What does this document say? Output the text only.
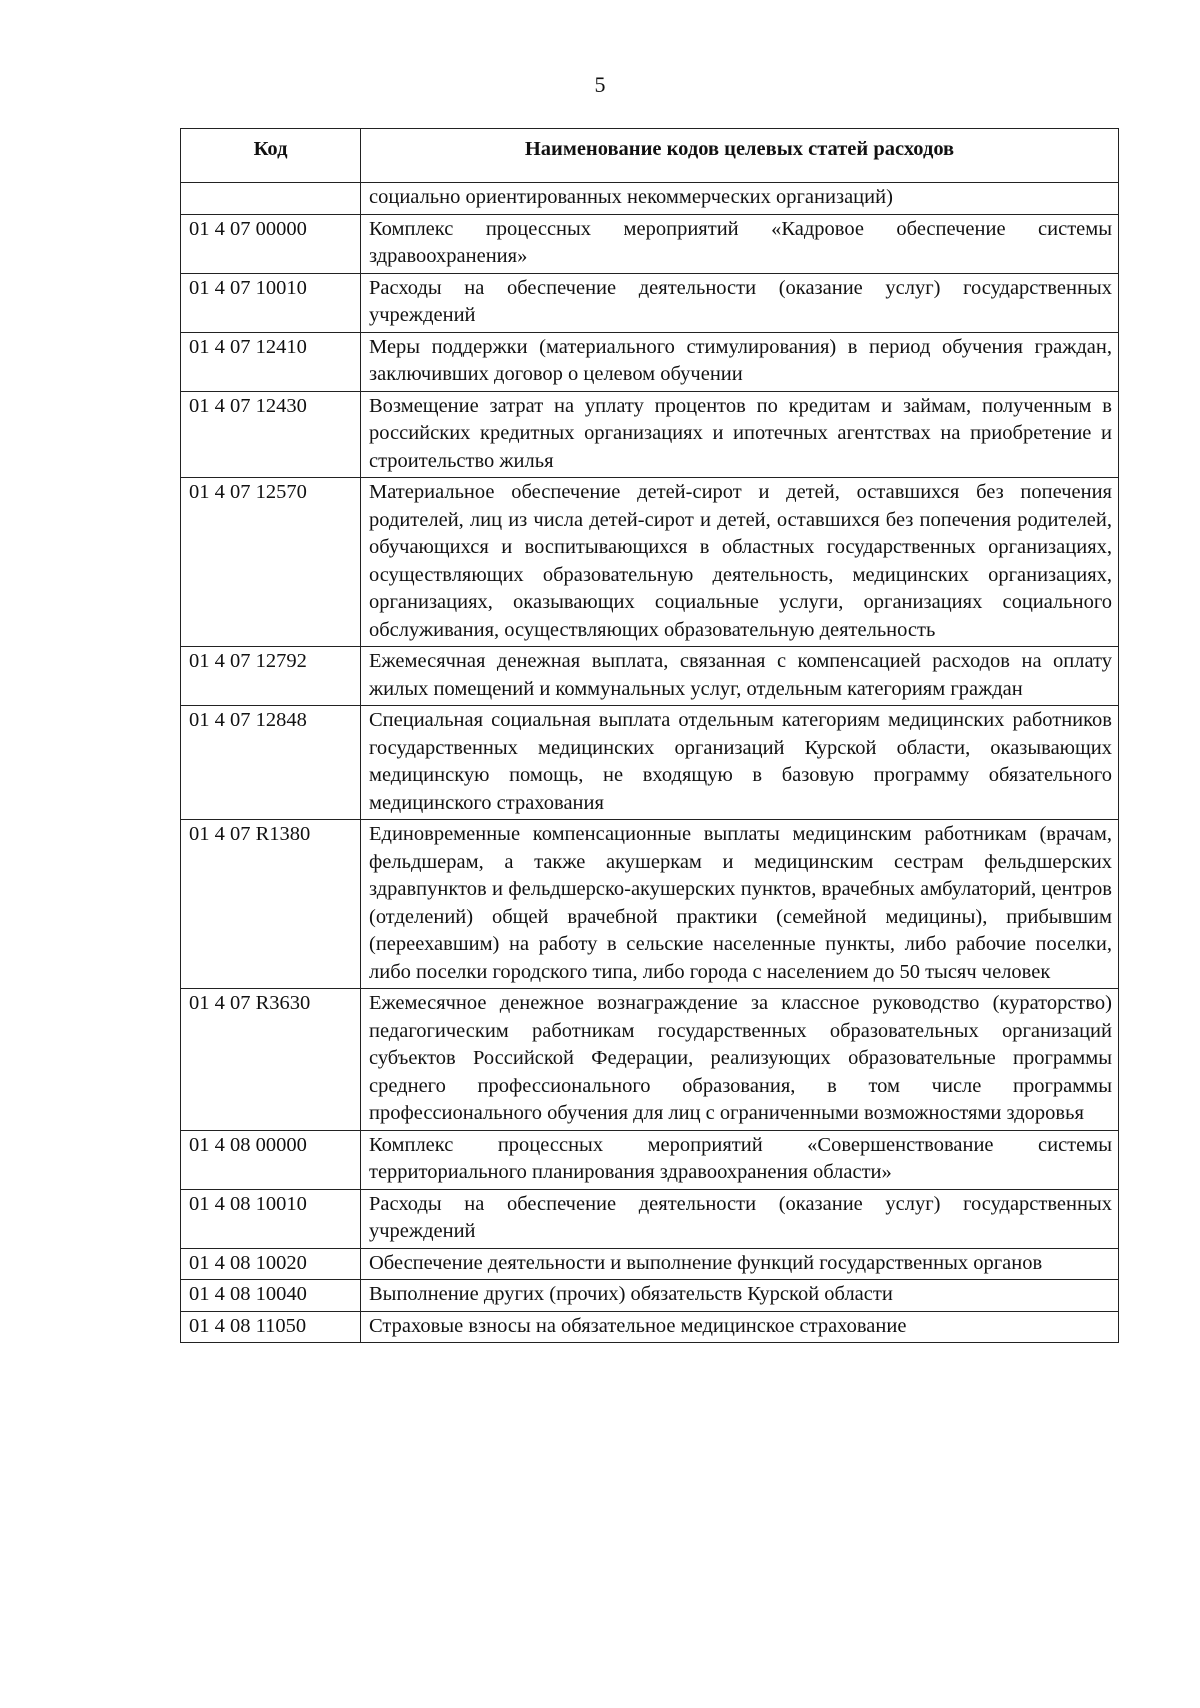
5
Код	Наименование кодов целевых статей расходов
	социально ориентированных некоммерческих организаций)
01 4 07 00000	Комплекс процессных мероприятий «Кадровое обеспечение системы здравоохранения»
01 4 07 10010	Расходы на обеспечение деятельности (оказание услуг) государственных учреждений
01 4 07 12410	Меры поддержки (материального стимулирования) в период обучения граждан, заключивших договор о целевом обучении
01 4 07 12430	Возмещение затрат на уплату процентов по кредитам и займам, полученным в российских кредитных организациях и ипотечных агентствах на приобретение и строительство жилья
01 4 07 12570	Материальное обеспечение детей-сирот и детей, оставшихся без попечения родителей, лиц из числа детей-сирот и детей, оставшихся без попечения родителей, обучающихся и воспитывающихся в областных государственных организациях, осуществляющих образовательную деятельность, медицинских организациях, организациях, оказывающих социальные услуги, организациях социального обслуживания, осуществляющих образовательную деятельность
01 4 07 12792	Ежемесячная денежная выплата, связанная с компенсацией расходов на оплату жилых помещений и коммунальных услуг, отдельным категориям граждан
01 4 07 12848	Специальная социальная выплата отдельным категориям медицинских работников государственных медицинских организаций Курской области, оказывающих медицинскую помощь, не входящую в базовую программу обязательного медицинского страхования
01 4 07 R1380	Единовременные компенсационные выплаты медицинским работникам (врачам, фельдшерам, а также акушеркам и медицинским сестрам фельдшерских здравпунктов и фельдшерско-акушерских пунктов, врачебных амбулаторий, центров (отделений) общей врачебной практики (семейной медицины), прибывшим (переехавшим) на работу в сельские населенные пункты, либо рабочие поселки, либо поселки городского типа, либо города с населением до 50 тысяч человек
01 4 07 R3630	Ежемесячное денежное вознаграждение за классное руководство (кураторство) педагогическим работникам государственных образовательных организаций субъектов Российской Федерации, реализующих образовательные программы среднего профессионального образования, в том числе программы профессионального обучения для лиц с ограниченными возможностями здоровья
01 4 08 00000	Комплекс процессных мероприятий «Совершенствование системы территориального планирования здравоохранения области»
01 4 08 10010	Расходы на обеспечение деятельности (оказание услуг) государственных учреждений
01 4 08 10020	Обеспечение деятельности и выполнение функций государственных органов
01 4 08 10040	Выполнение других (прочих) обязательств Курской области
01 4 08 11050	Страховые взносы на обязательное медицинское страхование
